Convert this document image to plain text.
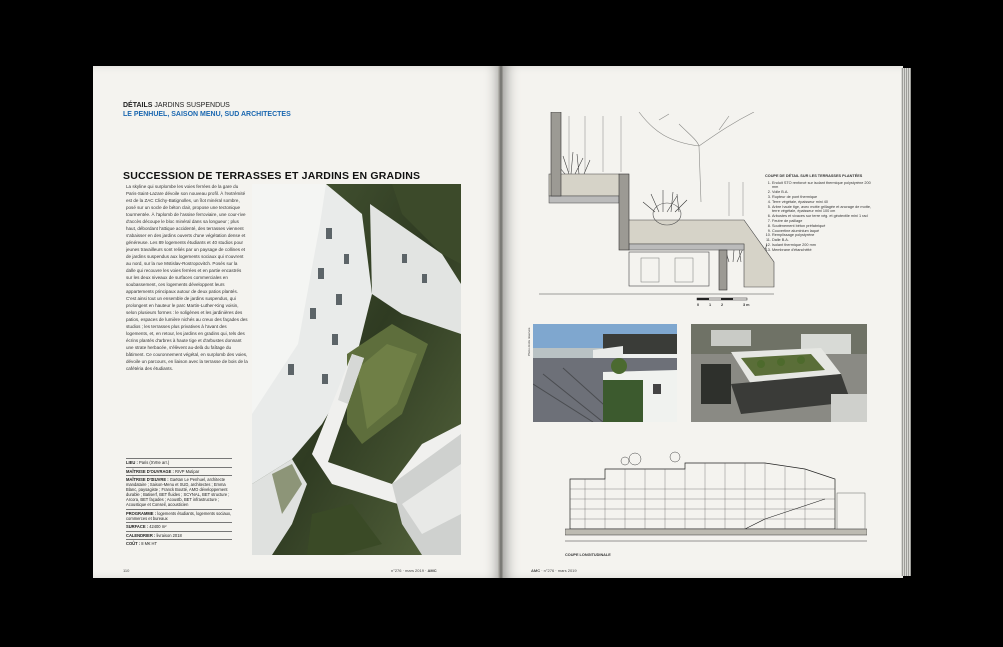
DÉTAILS JARDINS SUSPENDUS
LE PENHUEL, SAISON MENU, SUD ARCHITECTES
SUCCESSION DE TERRASSES ET JARDINS EN GRADINS
La skyline qui surplombe les voies ferrées de la gare du Paris-Saint-Lazare dévoile son nouveau profil. À l'extrémité est de la ZAC Clichy-Batignolles, un îlot minéral sombre, posé sur un socle de béton clair, propose une tectonique tourmentée. À l'aplomb de l'assise ferroviaire, une cour-rive d'accès découpe le bloc minéral dans sa longueur ; plus haut, débordant l'attique accidenté, des terrasses viennent s'abaisser en des jardins ouverts d'une végétation dense et généreuse. Les 89 logements étudiants et 40 studios pour jeunes travailleurs sont reliés par un paysage de collines et de jardins suspendus aux logements sociaux qui s'ouvrent au nord, sur la rue Mstislav-Rostropovitch. Posés sur la dalle qui recouvre les voies ferrées et en partie encastrés sur les deux niveaux de surfaces commerciales en soubassement, ces logements développent leurs appartements principaux autour de deux patios plantés. C'est ainsi tout un ensemble de jardins suspendus, qui prolongent en hauteur le parc Martin-Luther-King voisin, selon plusieurs formes : le soligènes et les jardinières des patios, espaces de lumière nichés au creux des façades des studios ; les terrasses plus privatives à l'avant des logements, et, en retour, les jardins en gradins qui, tels des écrins plantés d'arbres à haute tige et d'arbustes donnant une strate herbacée, s'élèvent au-delà du faîtage du bâtiment. Ce couronnement végétal, en surplomb des voies, dévoile un parcours, en liaison avec la terrasse de bois de la cafétéria des étudiants.
LIEU : Paris (XVIIe arr.)
MAÎTRISE D'OUVRAGE : RIVP Mutipar
MAÎTRISE D'ŒUVRE : Gaëtan Le Penhuel, architecte mandataire ; Saison-Menu et SUD, architectes ; Emma Blanc, paysagiste ; Franck Boutté, AMO développement durable ; Batiserf, BET fluides ; SCYNAL, BET structure ; Arcora, BET façades ; Acoustb, BET infrastructure ; Acoustique et Conseil, acousticien
PROGRAMME : logements étudiants, logements sociaux, commerces et bureaux
SURFACE : 42400 m²
CALENDRIER : livraison 2018
COÛT : 8 M€ HT
110	n°276 · mars 2019 · AMC
0	1	2	3 m
COUPE DE DÉTAIL SUR LES TERRASSES PLANTÉES
1. Enduit STO renforcé sur isolant thermique polystyrène 200 mm
2. Voile B.A.
3. Rupteur de pont thermique
4. Terre végétale, épaisseur mini 40
5. Arbre haute tige, avec motte grillagée et ancrage de motte, terre végétale, épaisseur mini 100 cm
6. Arbustes et vivaces sur terre vég. et géotextile mini 1 rad
7. Feutre de paillage
8. Soutènement béton préfabriqué
9. Couvertine aluminium laqué
10. Remplissage polystyrène
11. Dalle B.A.
12. Isolant thermique 200 mm
13. Membrane d'étanchéité
Photo droits réservés
COUPE LONGITUDINALE
AMC · n°276 · mars 2019
